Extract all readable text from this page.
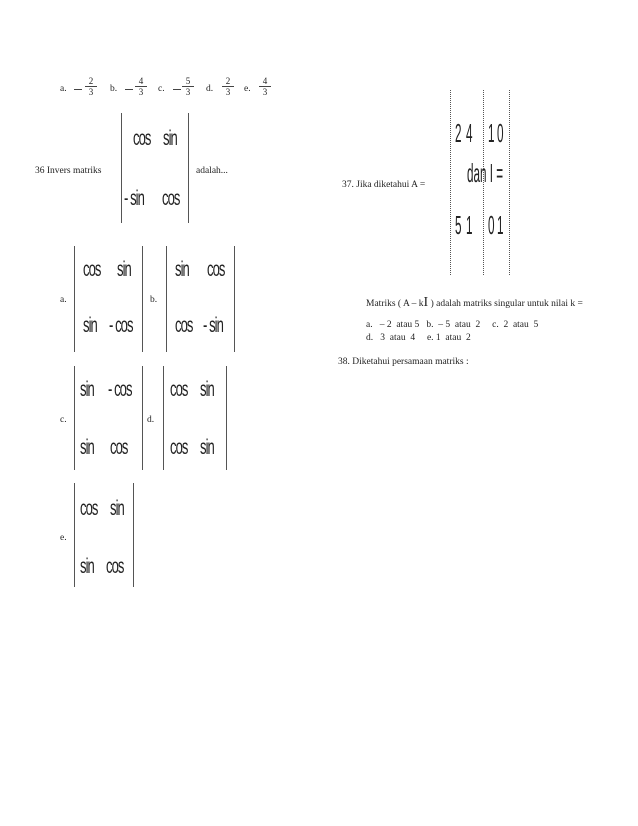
a.
2
3 b.
4
3 c.
5
3 d.
2
3 e.
4
3
36 Invers matriks
cos sin
- sin cos
adalah...
a.
cos sin
sin - cos
b.
sin cos
cos - sin
c.
sin - cos
sin cos
d.
cos sin
cos sin
e.
cos sin
sin cos
37. Jika diketahui A =
2 4
5 1
dan I =
1 0
0 1
Matriks ( A – kI ) adalah matriks singular untuk nilai k =
a.   – 2  atau 5   b.  – 5  atau  2     c.  2  atau  5
d.   3  atau  4     e. 1  atau  2
38. Diketahui persamaan matriks :
